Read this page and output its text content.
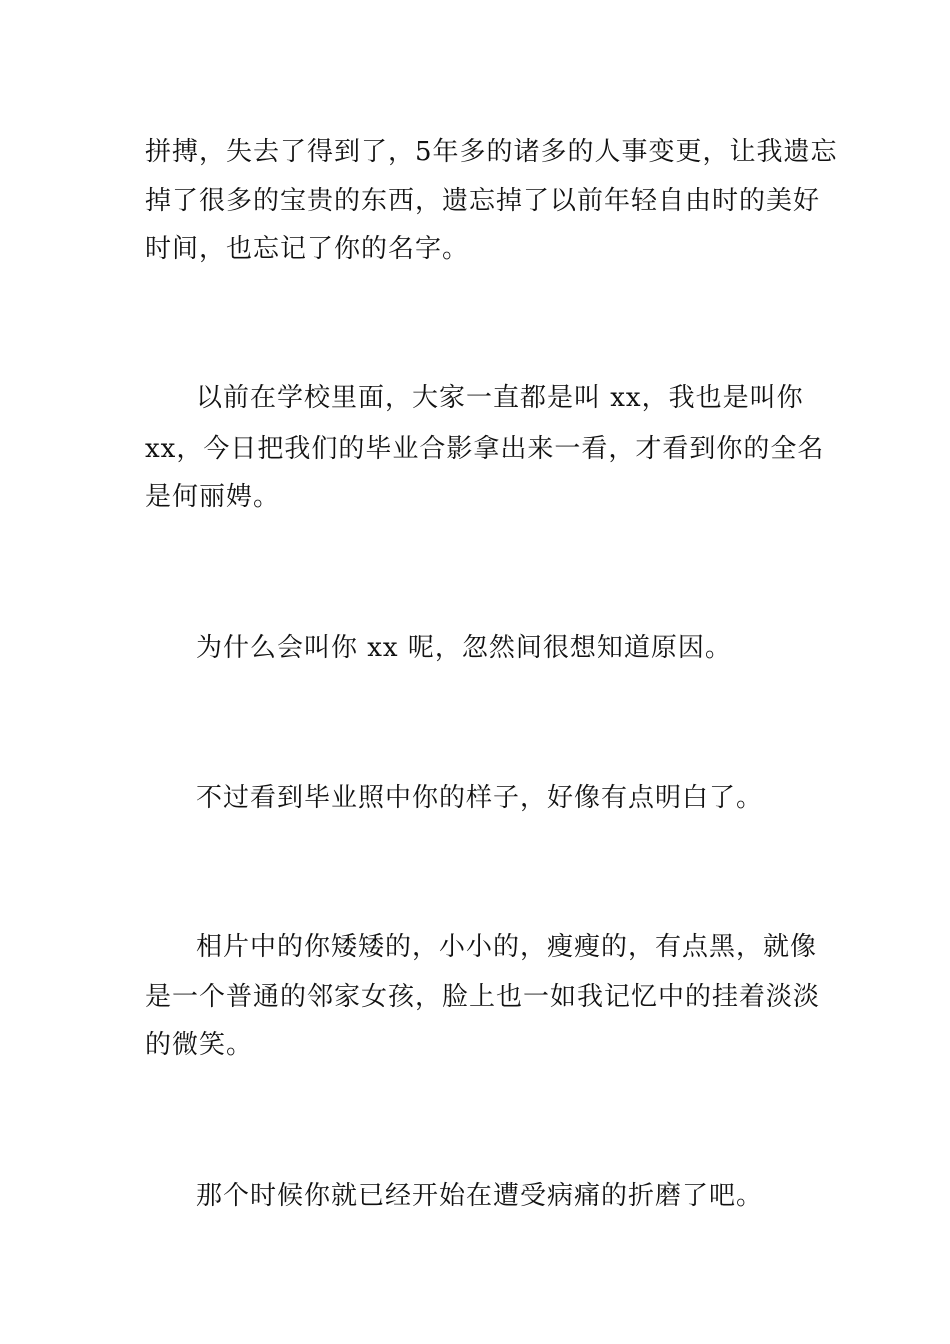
拼搏，失去了得到了，5年多的诸多的人事变更，让我遗忘
掉了很多的宝贵的东西，遗忘掉了以前年轻自由时的美好
时间，也忘记了你的名字。
以前在学校里面，大家一直都是叫 xx，我也是叫你
xx，今日把我们的毕业合影拿出来一看，才看到你的全名
是何丽娉。
为什么会叫你 xx 呢，忽然间很想知道原因。
不过看到毕业照中你的样子，好像有点明白了。
相片中的你矮矮的，小小的，瘦瘦的，有点黑，就像
是一个普通的邻家女孩，脸上也一如我记忆中的挂着淡淡
的微笑。
那个时候你就已经开始在遭受病痛的折磨了吧。
